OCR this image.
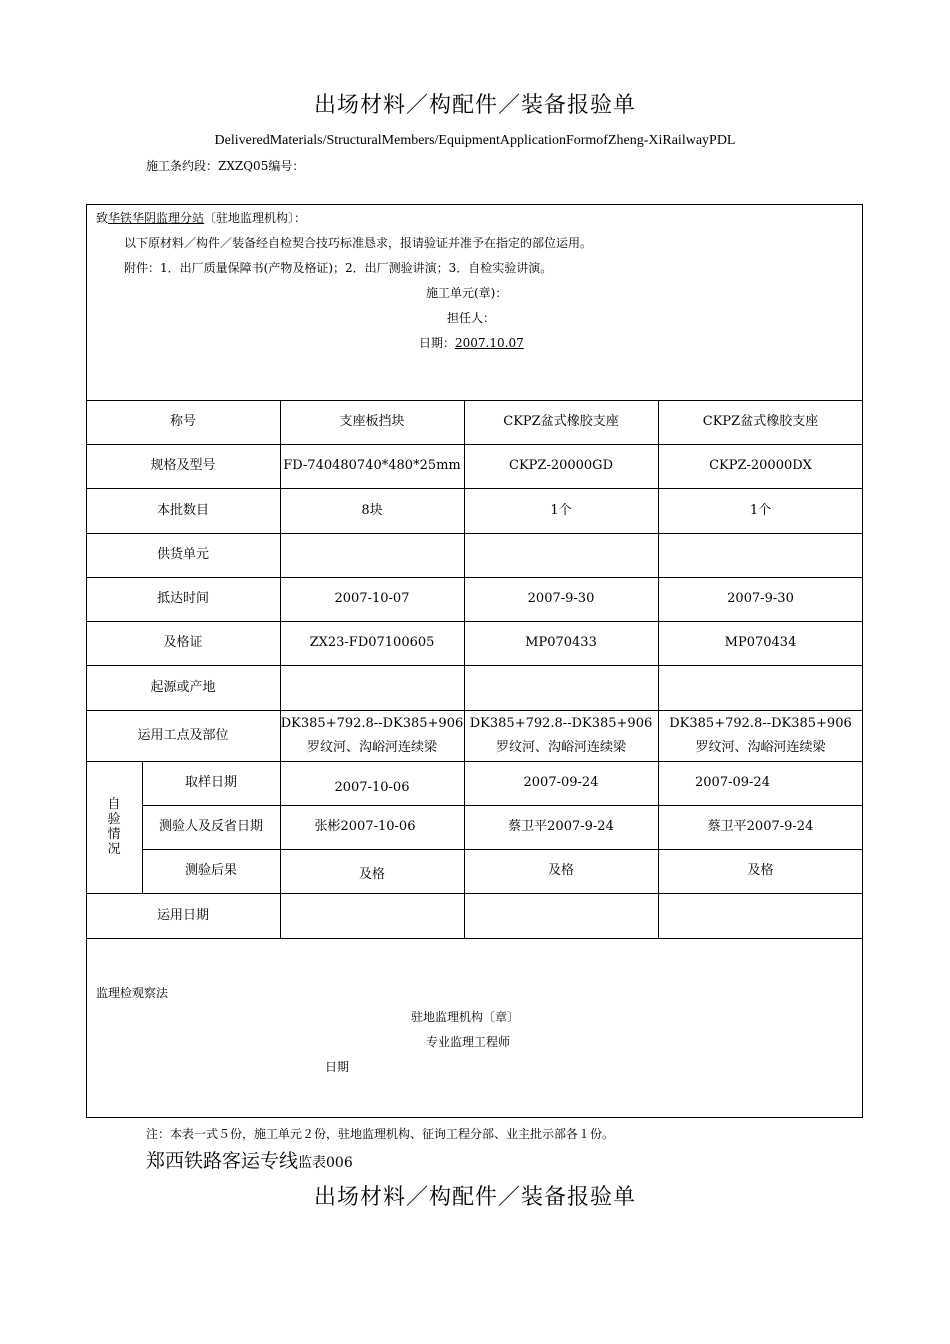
出场材料／构配件／装备报验单
DeliveredMaterials/StructuralMembers/EquipmentApplicationFormofZheng-XiRailwayPDL
施工条约段：ZXZQ05编号：
致华铁华阴监理分站〔驻地监理机构〕：
以下原材料／构件／装备经自检契合技巧标准恳求，报请验证并准予在指定的部位运用。
附件：1．出厂质量保障书(产物及格证)；2．出厂测验讲演；3．自检实验讲演。
施工单元(章)：
担任人：
日期：2007.10.07
称号
规格及型号
本批数目
供货单元
抵达时间
及格证
起源或产地
运用工点及部位
自验情况
取样日期
测验人及反省日期
测验后果
运用日期
支座板挡块
FD-740480740*480*25mm
8块
2007-10-07
ZX23-FD07100605
DK385+792.8--DK385+906
罗纹河、沟峪河连续梁
2007-10-06
张彬2007-10-06
及格
CKPZ盆式橡胶支座
CKPZ-20000GD
1个
2007-9-30
MP070433
DK385+792.8--DK385+906
罗纹河、沟峪河连续梁
2007-09-24
蔡卫平2007-9-24
及格
CKPZ盆式橡胶支座
CKPZ-20000DX
1个
2007-9-30
MP070434
DK385+792.8--DK385+906
罗纹河、沟峪河连续梁
2007-09-24
蔡卫平2007-9-24
及格
监理检观察法
驻地监理机构〔章〕
专业监理工程师
日期
注：本表一式５份，施工单元２份，驻地监理机构、征询工程分部、业主批示部各１份。
郑西铁路客运专线监表006
出场材料／构配件／装备报验单
